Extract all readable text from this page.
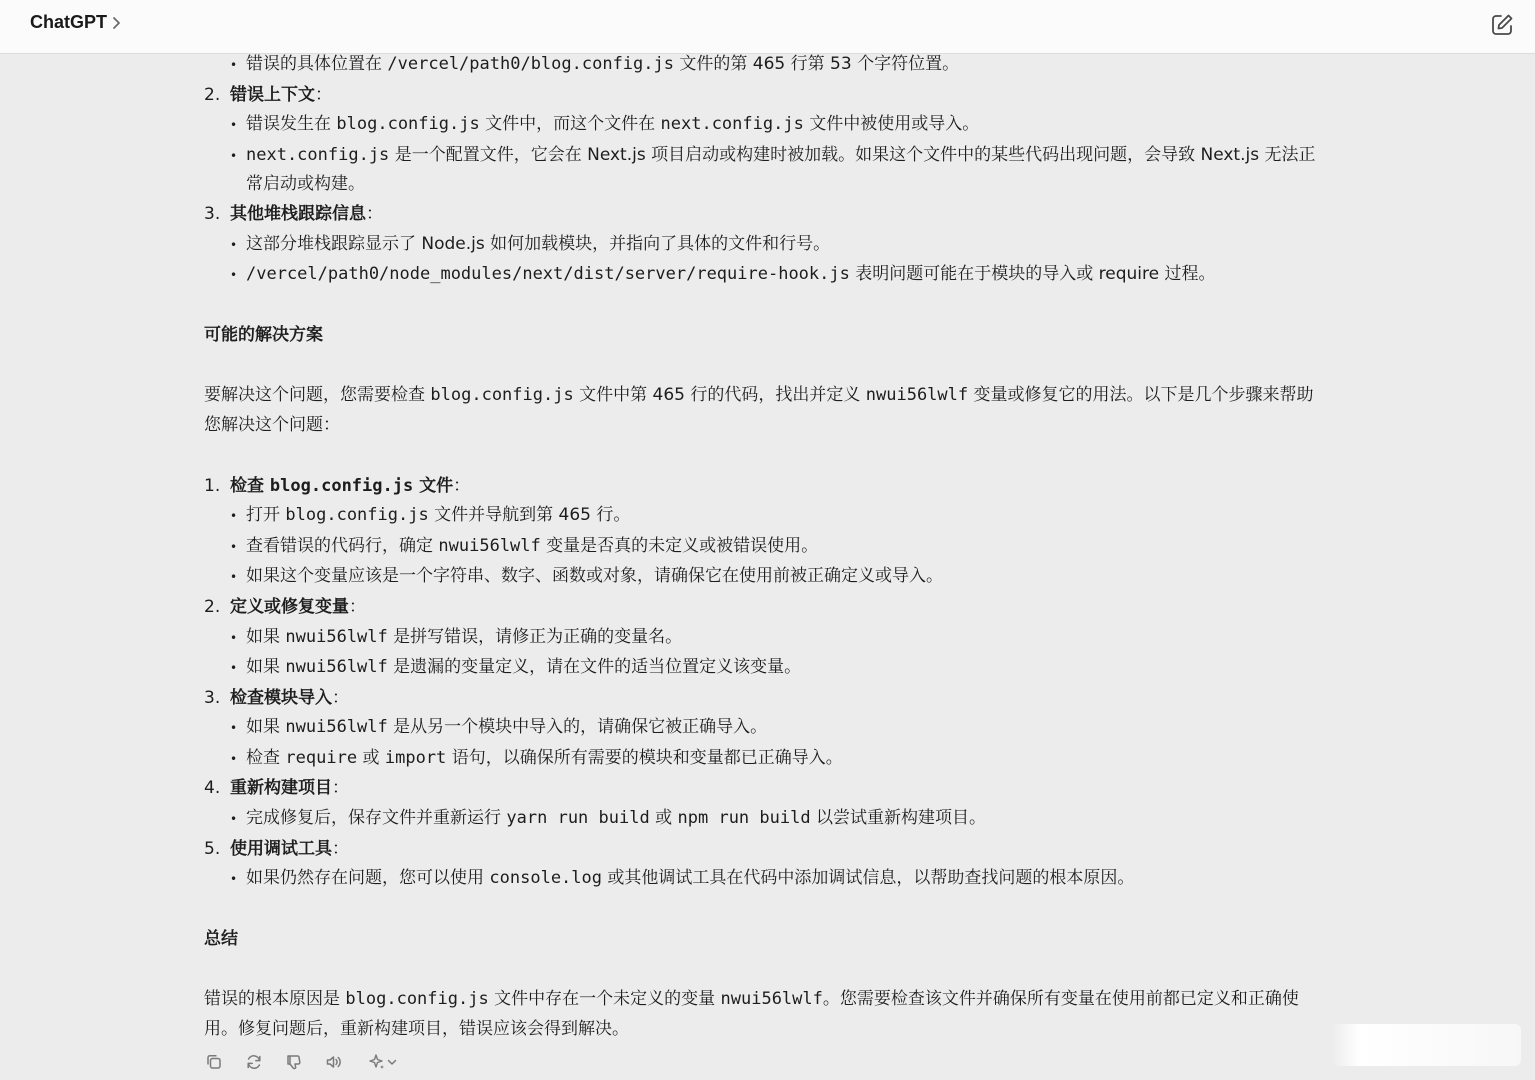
ChatGPT
•
错误的具体位置在 /vercel/path0/blog.config.js 文件的第 465 行第 53 个字符位置。
2. 错误上下文：
•
错误发生在 blog.config.js 文件中，而这个文件在 next.config.js 文件中被使用或导入。
•
next.config.js 是一个配置文件，它会在 Next.js 项目启动或构建时被加载。如果这个文件中的某些代码出现问题，会导致 Next.js 无法正常启动或构建。
3. 其他堆栈跟踪信息：
•
这部分堆栈跟踪显示了 Node.js 如何加载模块，并指向了具体的文件和行号。
•
/vercel/path0/node_modules/next/dist/server/require-hook.js 表明问题可能在于模块的导入或 require 过程。

可能的解决方案

要解决这个问题，您需要检查 blog.config.js 文件中第 465 行的代码，找出并定义 nwui56lwlf 变量或修复它的用法。以下是几个步骤来帮助您解决这个问题：

1. 检查 blog.config.js 文件：
•
打开 blog.config.js 文件并导航到第 465 行。
•
查看错误的代码行，确定 nwui56lwlf 变量是否真的未定义或被错误使用。
•
如果这个变量应该是一个字符串、数字、函数或对象，请确保它在使用前被正确定义或导入。
2. 定义或修复变量：
•
如果 nwui56lwlf 是拼写错误，请修正为正确的变量名。
•
如果 nwui56lwlf 是遗漏的变量定义，请在文件的适当位置定义该变量。
3. 检查模块导入：
•
如果 nwui56lwlf 是从另一个模块中导入的，请确保它被正确导入。
•
检查 require 或 import 语句，以确保所有需要的模块和变量都已正确导入。
4. 重新构建项目：
•
完成修复后，保存文件并重新运行 yarn run build 或 npm run build 以尝试重新构建项目。
5. 使用调试工具：
•
如果仍然存在问题，您可以使用 console.log 或其他调试工具在代码中添加调试信息，以帮助查找问题的根本原因。

总结

错误的根本原因是 blog.config.js 文件中存在一个未定义的变量 nwui56lwlf。您需要检查该文件并确保所有变量在使用前都已定义和正确使用。修复问题后，重新构建项目，错误应该会得到解决。
